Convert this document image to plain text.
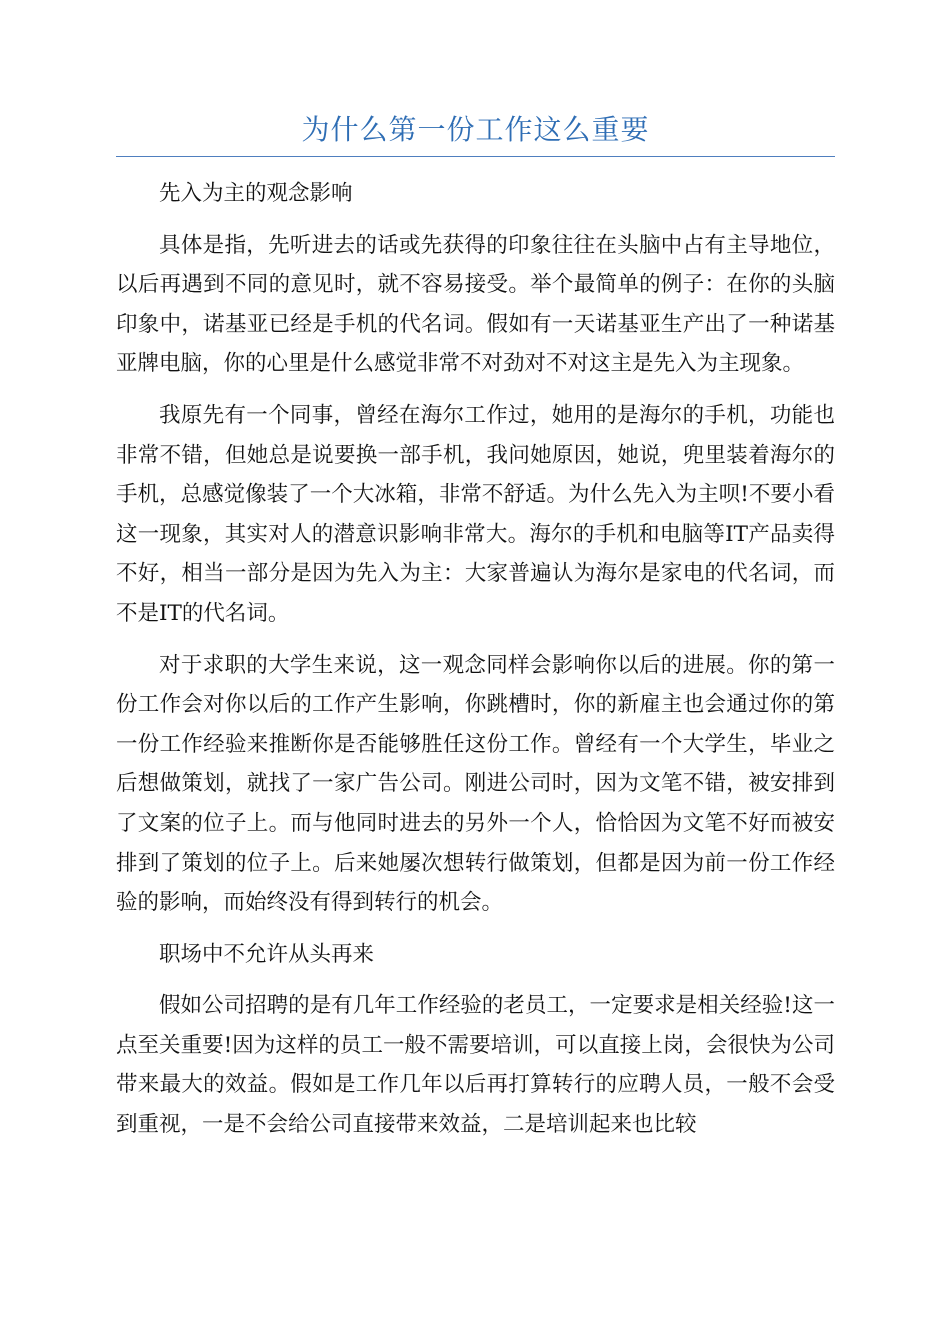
为什么第一份工作这么重要

先入为主的观念影响

具体是指，先听进去的话或先获得的印象往往在头脑中占有主导地位，以后再遇到不同的意见时，就不容易接受。举个最简单的例子：在你的头脑印象中，诺基亚已经是手机的代名词。假如有一天诺基亚生产出了一种诺基亚牌电脑，你的心里是什么感觉非常不对劲对不对这主是先入为主现象。

我原先有一个同事，曾经在海尔工作过，她用的是海尔的手机，功能也非常不错，但她总是说要换一部手机，我问她原因，她说，兜里装着海尔的手机，总感觉像装了一个大冰箱，非常不舒适。为什么先入为主呗!不要小看这一现象，其实对人的潜意识影响非常大。海尔的手机和电脑等IT产品卖得不好，相当一部分是因为先入为主：大家普遍认为海尔是家电的代名词，而不是IT的代名词。

对于求职的大学生来说，这一观念同样会影响你以后的进展。你的第一份工作会对你以后的工作产生影响，你跳槽时，你的新雇主也会通过你的第一份工作经验来推断你是否能够胜任这份工作。曾经有一个大学生，毕业之后想做策划，就找了一家广告公司。刚进公司时，因为文笔不错，被安排到了文案的位子上。而与他同时进去的另外一个人，恰恰因为文笔不好而被安排到了策划的位子上。后来她屡次想转行做策划，但都是因为前一份工作经验的影响，而始终没有得到转行的机会。

职场中不允许从头再来

假如公司招聘的是有几年工作经验的老员工，一定要求是相关经验!这一点至关重要!因为这样的员工一般不需要培训，可以直接上岗，会很快为公司带来最大的效益。假如是工作几年以后再打算转行的应聘人员，一般不会受到重视，一是不会给公司直接带来效益，二是培训起来也比较
